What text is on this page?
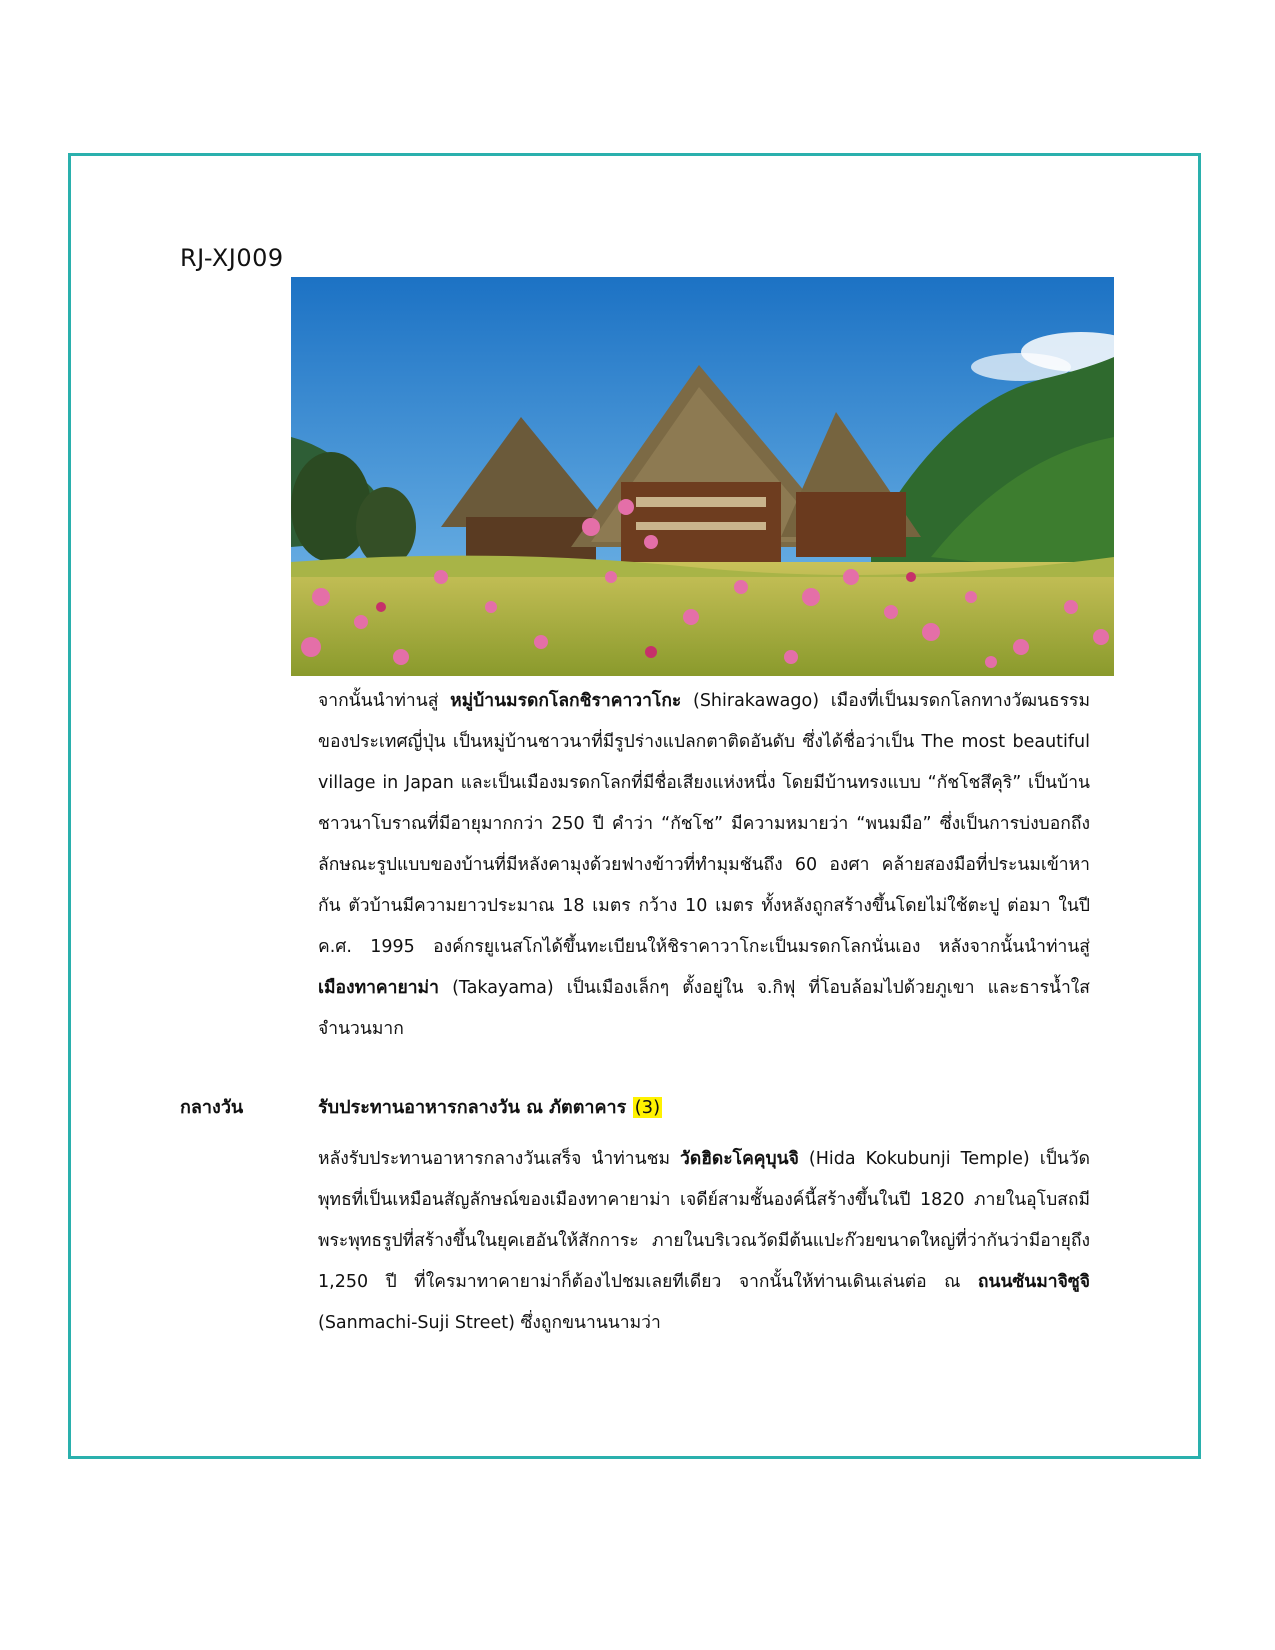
RJ-XJ009

จากนั้นนำท่านสู่ หมู่บ้านมรดกโลกชิราคาวาโกะ (Shirakawago) เมืองที่เป็นมรดกโลกทางวัฒนธรรมของประเทศญี่ปุ่น เป็นหมู่บ้านชาวนาที่มีรูปร่างแปลกตาติดอันดับ ซึ่งได้ชื่อว่าเป็น The most beautiful village in Japan และเป็นเมืองมรดกโลกที่มีชื่อเสียงแห่งหนึ่ง โดยมีบ้านทรงแบบ “กัชโชสึคุริ” เป็นบ้านชาวนาโบราณที่มีอายุมากกว่า 250 ปี คำว่า “กัชโช” มีความหมายว่า “พนมมือ” ซึ่งเป็นการบ่งบอกถึงลักษณะรูปแบบของบ้านที่มีหลังคามุงด้วยฟางข้าวที่ทำมุมชันถึง 60 องศา คล้ายสองมือที่ประนมเข้าหากัน ตัวบ้านมีความยาวประมาณ 18 เมตร กว้าง 10 เมตร ทั้งหลังถูกสร้างขึ้นโดยไม่ใช้ตะปู ต่อมา ในปี ค.ศ. 1995 องค์กรยูเนสโกได้ขึ้นทะเบียนให้ชิราคาวาโกะเป็นมรดกโลกนั่นเอง หลังจากนั้นนำท่านสู่ เมืองทาคายาม่า (Takayama) เป็นเมืองเล็กๆ ตั้งอยู่ใน จ.กิฟุ ที่โอบล้อมไปด้วยภูเขา และธารน้ำใสจำนวนมาก

กลางวัน	รับประทานอาหารกลางวัน ณ ภัตตาคาร (3)

หลังรับประทานอาหารกลางวันเสร็จ นำท่านชม วัดฮิดะโคคุบุนจิ (Hida Kokubunji Temple) เป็นวัดพุทธที่เป็นเหมือนสัญลักษณ์ของเมืองทาคายาม่า เจดีย์สามชั้นองค์นี้สร้างขึ้นในปี 1820 ภายในอุโบสถมีพระพุทธรูปที่สร้างขึ้นในยุคเฮอันให้สักการะ ภายในบริเวณวัดมีต้นแปะก๊วยขนาดใหญ่ที่ว่ากันว่ามีอายุถึง 1,250 ปี ที่ใครมาทาคายาม่าก็ต้องไปชมเลยทีเดียว จากนั้นให้ท่านเดินเล่นต่อ ณ ถนนซันมาจิซูจิ (Sanmachi-Suji Street) ซึ่งถูกขนานนามว่า
